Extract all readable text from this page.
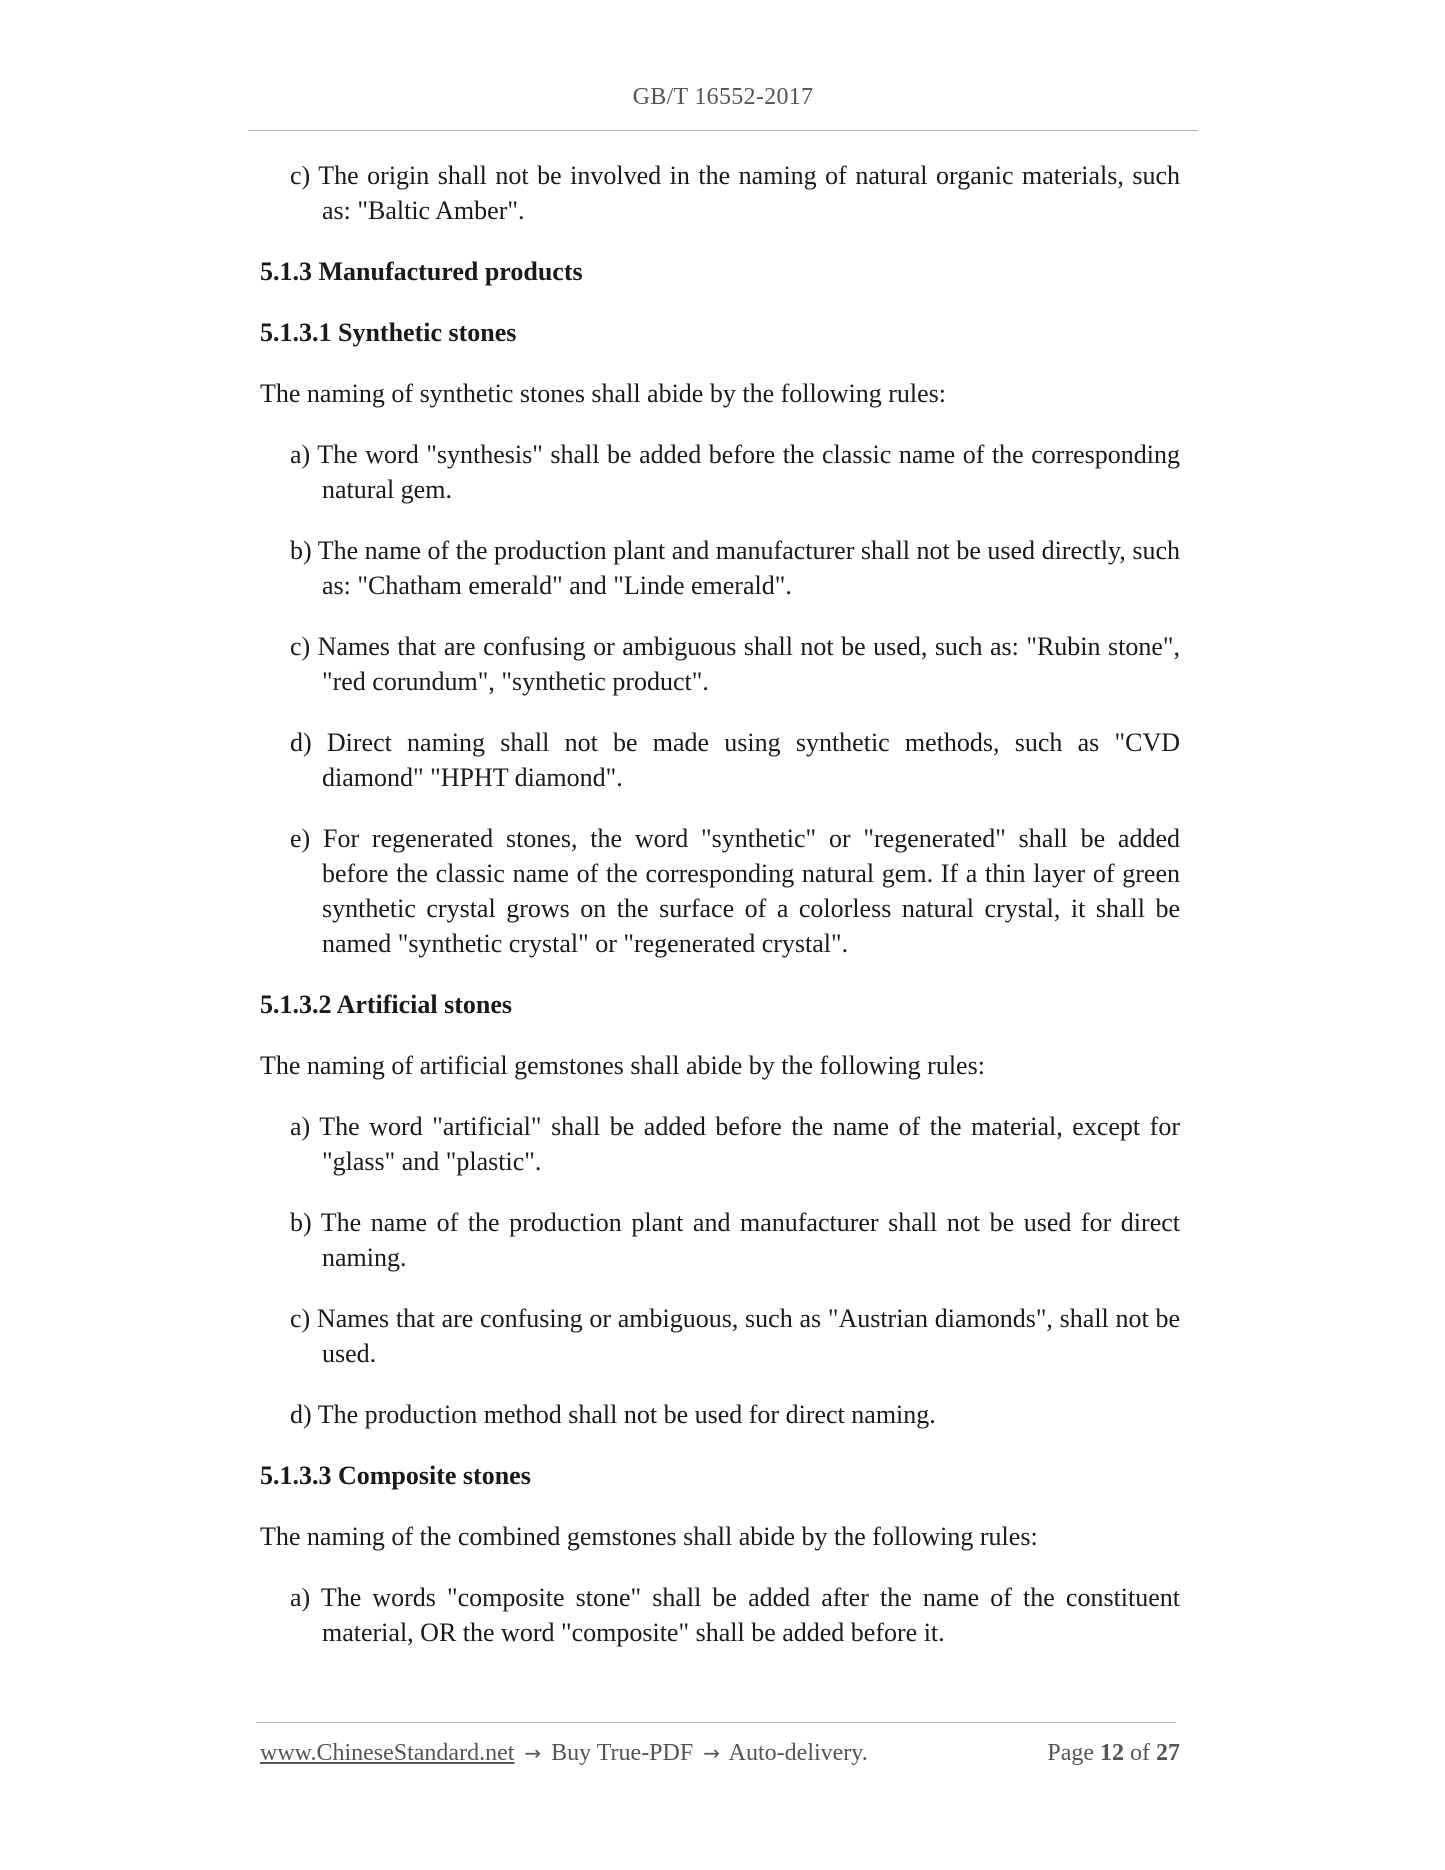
GB/T 16552-2017
c) The origin shall not be involved in the naming of natural organic materials, such as: "Baltic Amber".
5.1.3 Manufactured products
5.1.3.1 Synthetic stones
The naming of synthetic stones shall abide by the following rules:
a) The word "synthesis" shall be added before the classic name of the corresponding natural gem.
b) The name of the production plant and manufacturer shall not be used directly, such as: "Chatham emerald" and "Linde emerald".
c) Names that are confusing or ambiguous shall not be used, such as: "Rubin stone", "red corundum", "synthetic product".
d) Direct naming shall not be made using synthetic methods, such as "CVD diamond" "HPHT diamond".
e) For regenerated stones, the word "synthetic" or "regenerated" shall be added before the classic name of the corresponding natural gem. If a thin layer of green synthetic crystal grows on the surface of a colorless natural crystal, it shall be named "synthetic crystal" or "regenerated crystal".
5.1.3.2 Artificial stones
The naming of artificial gemstones shall abide by the following rules:
a) The word "artificial" shall be added before the name of the material, except for "glass" and "plastic".
b) The name of the production plant and manufacturer shall not be used for direct naming.
c) Names that are confusing or ambiguous, such as "Austrian diamonds", shall not be used.
d) The production method shall not be used for direct naming.
5.1.3.3 Composite stones
The naming of the combined gemstones shall abide by the following rules:
a) The words "composite stone" shall be added after the name of the constituent material, OR the word "composite" shall be added before it.
www.ChineseStandard.net → Buy True-PDF → Auto-delivery.	Page 12 of 27
